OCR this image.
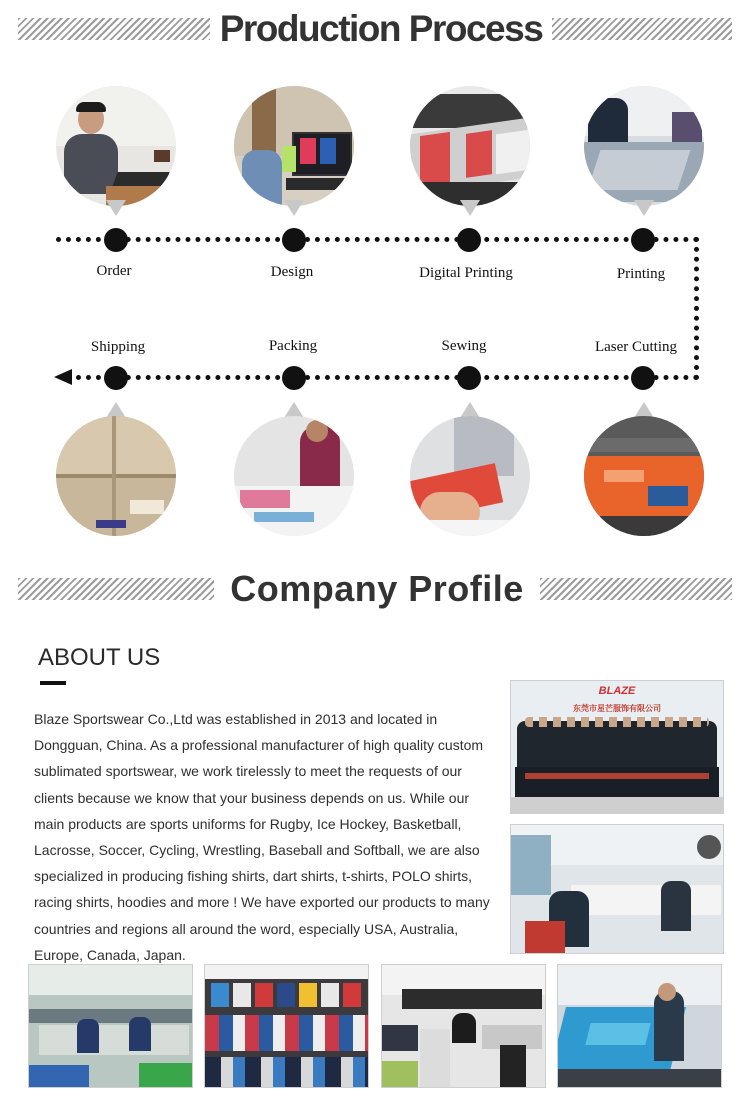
Production Process
Order	Design	Digital Printing	Printing
Shipping	Packing	Sewing	Laser Cutting
Company Profile
ABOUT US
Blaze Sportswear Co.,Ltd was established in 2013 and located in Dongguan, China. As a professional manufacturer of high quality custom sublimated sportswear, we work tirelessly to meet the requests of our clients because we know that your business depends on us. While our main products are sports uniforms for Rugby, Ice Hockey, Basketball, Lacrosse, Soccer, Cycling, Wrestling, Baseball and Softball, we are also specialized in producing fishing shirts, dart shirts, t-shirts, POLO shirts, racing shirts, hoodies and more ! We have exported our products to many countries and regions all around the word, especially USA, Australia, Europe, Canada, Japan.
BLAZE
东莞市星芒服饰有限公司
